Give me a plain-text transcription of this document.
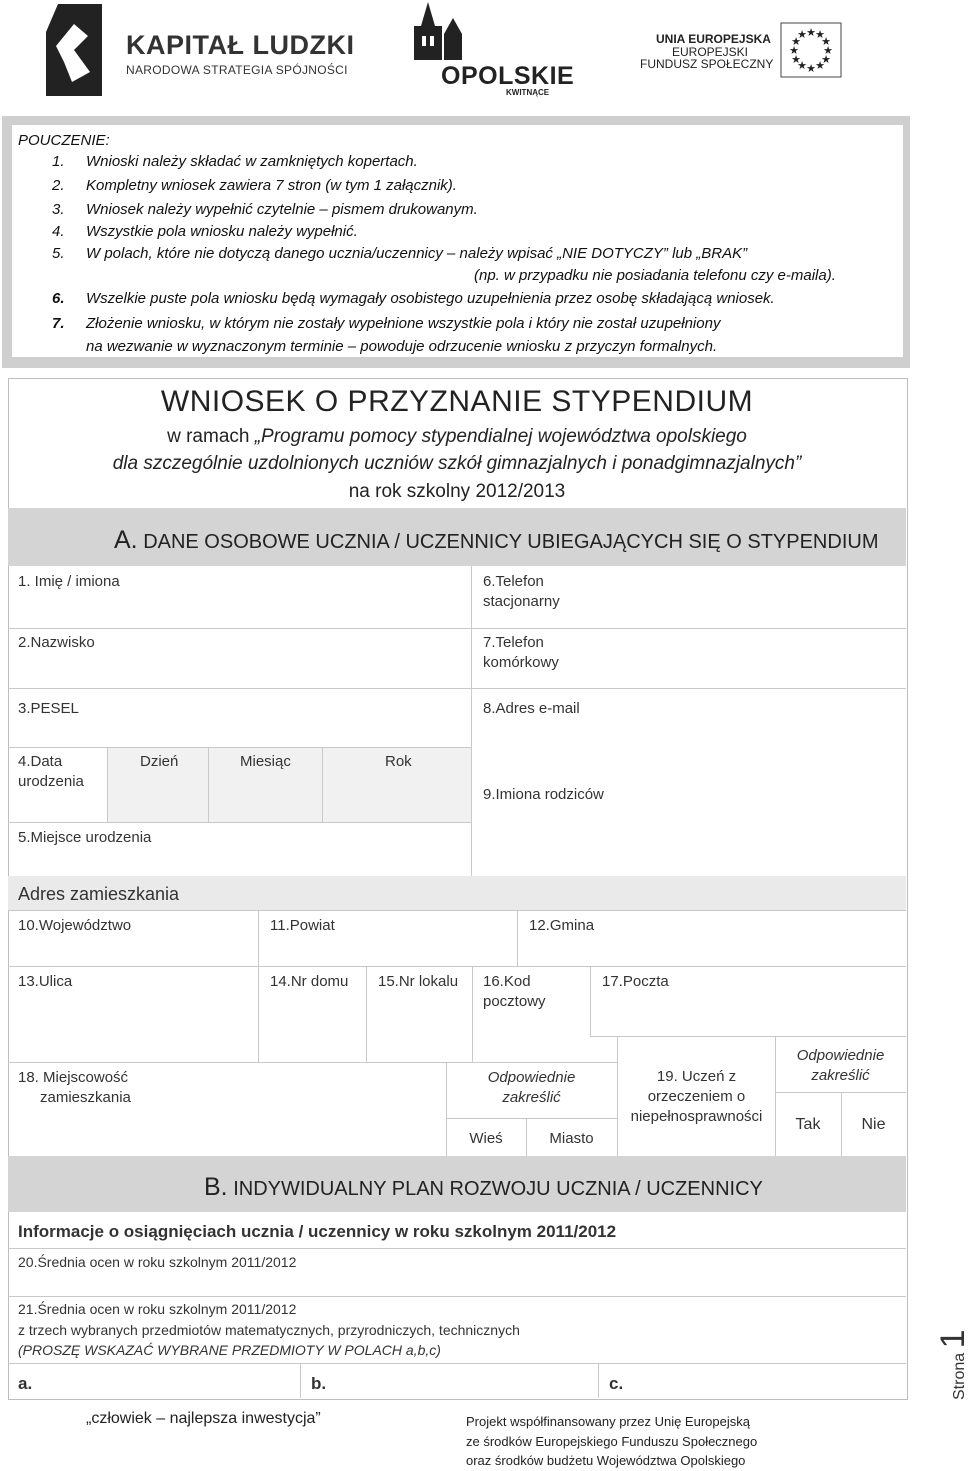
KAPITAŁ LUDZKI
NARODOWA STRATEGIA SPÓJNOŚCI	OPOLSKIE
KWITNĄCE
UNIA EUROPEJSKA
EUROPEJSKI
FUNDUSZ SPOŁECZNY
★ ★
★
★
★
★
★
★
★
★
★
★
POUCZENIE:
1. Wnioski należy składać w zamkniętych kopertach.
2. Kompletny wniosek zawiera 7 stron (w tym 1 załącznik).
3. Wniosek należy wypełnić czytelnie – pismem drukowanym.
4. Wszystkie pola wniosku należy wypełnić.
5. W polach, które nie dotyczą danego ucznia/uczennicy – należy wpisać „NIE DOTYCZY” lub „BRAK”
(np. w przypadku nie posiadania telefonu czy e-maila).
6. Wszelkie puste pola wniosku będą wymagały osobistego uzupełnienia przez osobę składającą wniosek.
7. Złożenie wniosku, w którym nie zostały wypełnione wszystkie pola i który nie został uzupełniony
na wezwanie w wyznaczonym terminie – powoduje odrzucenie wniosku z przyczyn formalnych.
WNIOSEK O PRZYZNANIE STYPENDIUM
w ramach „Programu pomocy stypendialnej województwa opolskiego
dla szczególnie uzdolnionych uczniów szkół gimnazjalnych i ponadgimnazjalnych”
na rok szkolny 2012/2013
A. DANE OSOBOWE UCZNIA / UCZENNICY UBIEGAJĄCYCH SIĘ O STYPENDIUM
1. Imię / imiona	6.Telefon
stacjonarny
2.Nazwisko	7.Telefon
komórkowy
3.PESEL	8.Adres e-mail
4.Data
urodzenia
Dzień	Miesiąc	Rok
9.Imiona rodziców
5.Miejsce urodzenia
Adres zamieszkania
10.Województwo	11.Powiat	12.Gmina
13.Ulica	14.Nr domu 15.Nr lokalu 16.Kod
pocztowy
17.Poczta
18. Miejscowość
zamieszkania
Odpowiednie
zakreślić
Wieś	Miasto
19. Uczeń z
orzeczeniem o
niepełnosprawności
Odpowiednie
zakreślić
Tak	Nie
B. INDYWIDUALNY PLAN ROZWOJU UCZNIA / UCZENNICY
Informacje o osiągnięciach ucznia / uczennicy w roku szkolnym 2011/2012
20.Średnia ocen w roku szkolnym 2011/2012
21.Średnia ocen w roku szkolnym 2011/2012
z trzech wybranych przedmiotów matematycznych, przyrodniczych, technicznych
(PROSZĘ WSKAZAĆ WYBRANE PRZEDMIOTY W POLACH a,b,c)
a.	b.	c.
„człowiek – najlepsza inwestycja”	Projekt współfinansowany przez Unię Europejską
ze środków Europejskiego Funduszu Społecznego
oraz środków budżetu Województwa Opolskiego
Strona 1
